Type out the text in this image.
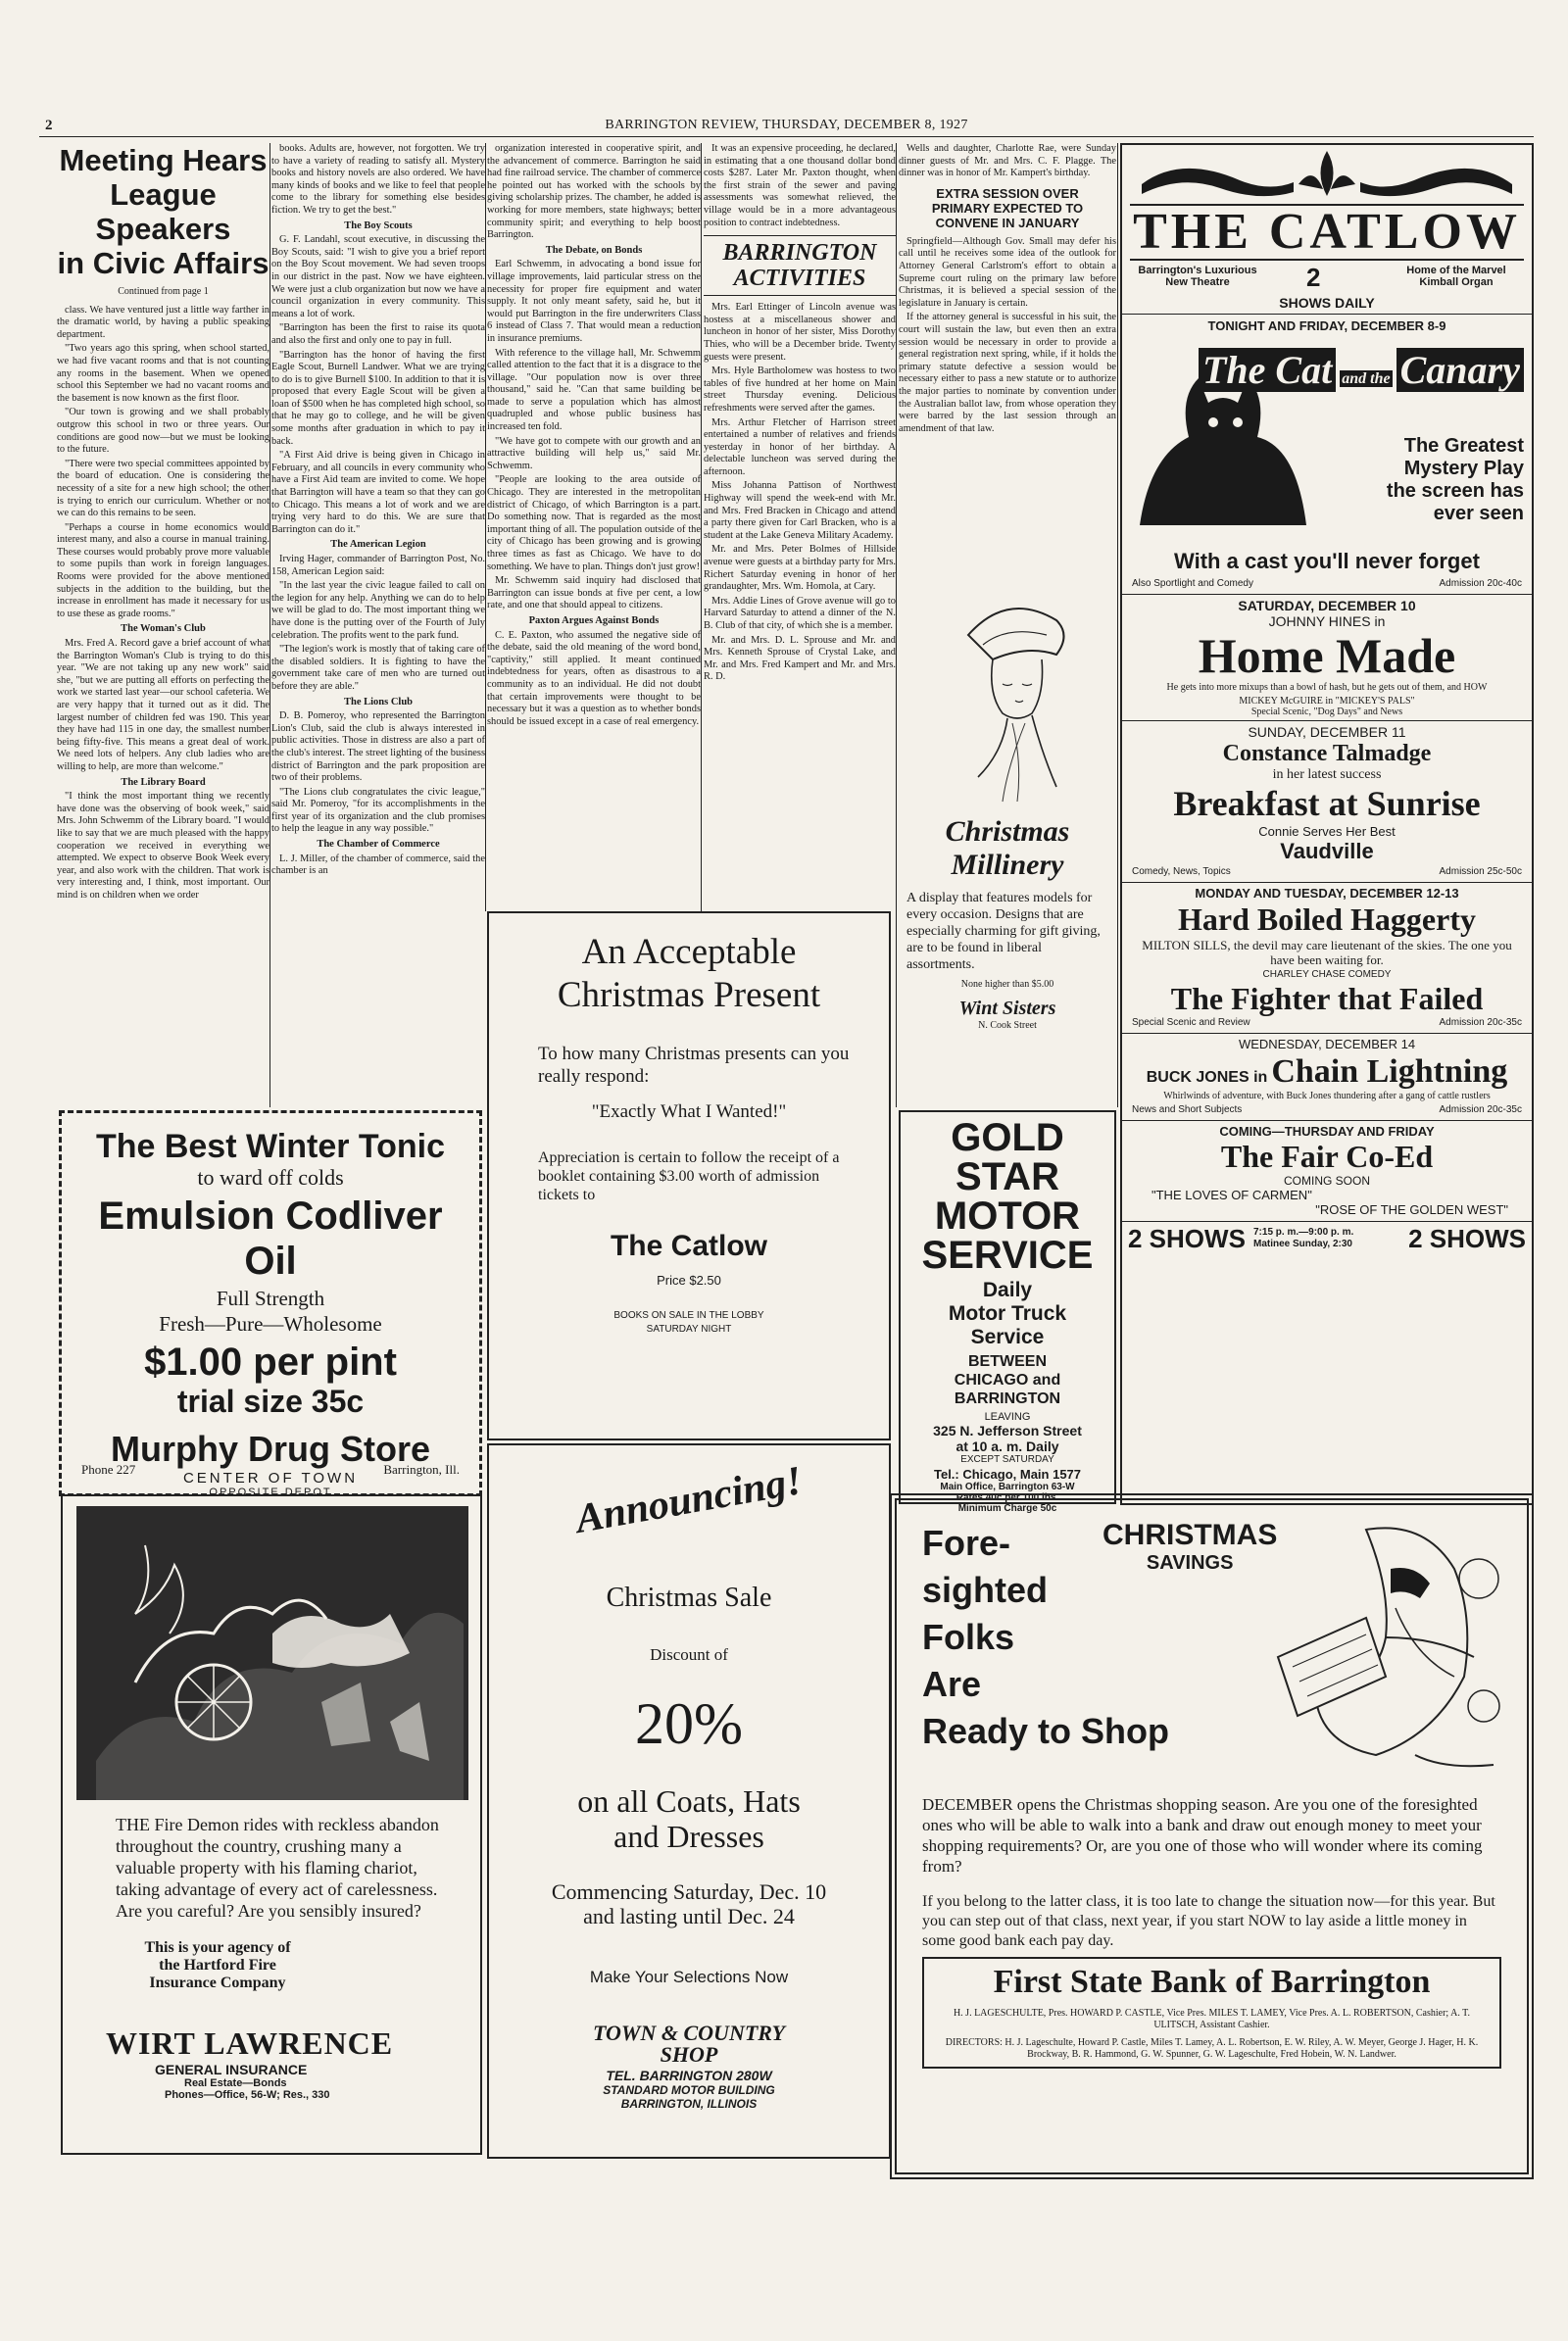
2	BARRINGTON REVIEW, THURSDAY, DECEMBER 8, 1927
Meeting Hears
League Speakers
in Civic Affairs
Continued from page 1

class. We have ventured just a little way farther in the dramatic world, by having a public speaking department.

"Two years ago this spring, when school started, we had five vacant rooms and that is not counting any rooms in the basement. When we opened school this September we had no vacant rooms and the basement is now known as the first floor.

"Our town is growing and we shall probably outgrow this school in two or three years. Our conditions are good now—but we must be looking to the future.

"There were two special committees appointed by the board of education. One is considering the necessity of a site for a new high school; the other is trying to enrich our curriculum. Whether or not we can do this remains to be seen.

"Perhaps a course in home economics would interest many, and also a course in manual training. These courses would probably prove more valuable to some pupils than work in foreign languages. Rooms were provided for the above mentioned subjects in the addition to the building, but the increase in enrollment has made it necessary for us to use these as grade rooms."

The Woman's Club

Mrs. Fred A. Record gave a brief account of what the Barrington Woman's Club is trying to do this year. "We are not taking up any new work" said she, "but we are putting all efforts on perfecting the work we started last year—our school cafeteria. We are very happy that it turned out as it did. The largest number of children fed was 190. This year they have had 115 in one day, the smallest number being fifty-five. This means a great deal of work. We need lots of helpers. Any club ladies who are willing to help, are more than welcome."

The Library Board

"I think the most important thing we recently have done was the observing of book week," said Mrs. John Schwemm of the Library board. "I would like to say that we are much pleased with the happy cooperation we received in everything we attempted. We expect to observe Book Week every year, and also work with the children. That work is very interesting and, I think, most important. Our mind is on children when we order

books. Adults are, however, not forgotten. We try to have a variety of reading to satisfy all. Mystery books and history novels are also ordered. We have many kinds of books and we like to feel that people come to the library for something else besides fiction. We try to get the best."

The Boy Scouts

G. F. Landahl, scout executive, in discussing the Boy Scouts, said: "I wish to give you a brief report on the Boy Scout movement. We had seven troops in our district in the past. Now we have eighteen. We were just a club organization but now we have a council organization in every community. This means a lot of work.

"Barrington has been the first to raise its quota and also the first and only one to pay in full.

"Barrington has the honor of having the first Eagle Scout, Burnell Landwer. What we are trying to do is to give Burnell $100. In addition to that it is proposed that every Eagle Scout will be given a loan of $500 when he has completed high school, so that he may go to college, and he will be given some months after graduation in which to pay it back.

"A First Aid drive is being given in Chicago in February, and all councils in every community who have a First Aid team are invited to come. We hope that Barrington will have a team so that they can go to Chicago. This means a lot of work and we are trying very hard to do this. We are sure that Barrington can do it."

The American Legion

Irving Hager, commander of Barrington Post, No. 158, American Legion said:

"In the last year the civic league failed to call on the legion for any help. Anything we can do to help we will be glad to do. The most important thing we have done is the putting over of the Fourth of July celebration. The profits went to the park fund.

"The legion's work is mostly that of taking care of the disabled soldiers. It is fighting to have the government take care of men who are turned out before they are able."

The Lions Club

D. B. Pomeroy, who represented the Barrington Lion's Club, said the club is always interested in public activities. Those in distress are also a part of the club's interest. The street lighting of the business district of Barrington and the park proposition are two of their problems.

"The Lions club congratulates the civic league," said Mr. Pomeroy, "for its accomplishments in the first year of its organization and the club promises to help the league in any way possible."

The Chamber of Commerce

L. J. Miller, of the chamber of commerce, said the chamber is an

organization interested in cooperative spirit, and the advancement of commerce. Barrington he said had fine railroad service. The chamber of commerce he pointed out has worked with the schools by giving scholarship prizes. The chamber, he added is working for more members, state highways; better community spirit; and everything to help boost Barrington.

The Debate, on Bonds

Earl Schwemm, in advocating a bond issue for village improvements, laid particular stress on the necessity for proper fire equipment and water supply. It not only meant safety, said he, but it would put Barrington in the fire underwriters Class 6 instead of Class 7. That would mean a reduction in insurance premiums.

With reference to the village hall, Mr. Schwemm called attention to the fact that it is a disgrace to the village. "Our population now is over three thousand," said he. "Can that same building be made to serve a population which has almost quadrupled and whose public business has increased ten fold.

"We have got to compete with our growth and an attractive building will help us," said Mr. Schwemm.

"People are looking to the area outside of Chicago. They are interested in the metropolitan district of Chicago, of which Barrington is a part. Do something now. That is regarded as the most important thing of all. The population outside of the city of Chicago has been growing and is growing three times as fast as Chicago. We have to do something. We have to plan. Things don't just grow!

Mr. Schwemm said inquiry had disclosed that Barrington can issue bonds at five per cent, a low rate, and one that should appeal to citizens.

Paxton Argues Against Bonds

C. E. Paxton, who assumed the negative side of the debate, said the old meaning of the word bond, "captivity," still applied. It meant continued indebtedness for years, often as disastrous to a community as to an individual. He did not doubt that certain improvements were thought to be necessary but it was a question as to whether bonds should be issued except in a case of real emergency.

It was an expensive proceeding, he declared, in estimating that a one thousand dollar bond costs $287. Later Mr. Paxton thought, when the first strain of the sewer and paving assessments was somewhat relieved, the village would be in a more advantageous position to contract indebtedness.

BARRINGTON
ACTIVITIES

Mrs. Earl Ettinger of Lincoln avenue was hostess at a miscellaneous shower and luncheon in honor of her sister, Miss Dorothy Thies, who will be a December bride. Twenty guests were present.

Mrs. Hyle Bartholomew was hostess to two tables of five hundred at her home on Main street Thursday evening. Delicious refreshments were served after the games.

Mrs. Arthur Fletcher of Harrison street entertained a number of relatives and friends yesterday in honor of her birthday. A delectable luncheon was served during the afternoon.

Miss Johanna Pattison of Northwest Highway will spend the week-end with Mr. and Mrs. Fred Bracken in Chicago and attend a party there given for Carl Bracken, who is a student at the Lake Geneva Military Academy.

Mr. and Mrs. Peter Bolmes of Hillside avenue were guests at a birthday party for Mrs. Richert Saturday evening in honor of her grandaughter, Mrs. Wm. Homola, at Cary.

Mrs. Addie Lines of Grove avenue will go to Harvard Saturday to attend a dinner of the N. B. Club of that city, of which she is a member.

Mr. and Mrs. D. L. Sprouse and Mr. and Mrs. Kenneth Sprouse of Crystal Lake, and Mr. and Mrs. Fred Kampert and Mr. and Mrs. R. D.

Wells and daughter, Charlotte Rae, were Sunday dinner guests of Mr. and Mrs. C. F. Plagge. The dinner was in honor of Mr. Kampert's birthday.

EXTRA SESSION OVER
PRIMARY EXPECTED TO
CONVENE IN JANUARY

Springfield—Although Gov. Small may defer his call until he receives some idea of the outlook for Attorney General Carlstrom's effort to obtain a Supreme court ruling on the primary law before Christmas, it is believed a special session of the legislature in January is certain.

If the attorney general is successful in his suit, the court will sustain the law, but even then an extra session would be necessary in order to provide a general registration next spring, while, if it holds the primary statute defective a session would be necessary either to pass a new statute or to authorize the major parties to nominate by convention under the Australian ballot law, from whose operation they were barred by the last session through an amendment of that law.

Christmas
Millinery
A display that features models for every occasion. Designs that are especially charming for gift giving, are to be found in liberal assortments.
None higher than $5.00
Wint Sisters
N. Cook Street
GOLD STAR
MOTOR
SERVICE
Daily
Motor Truck
Service
BETWEEN
CHICAGO and
BARRINGTON
LEAVING
325 N. Jefferson Street
at 10 a. m. Daily
EXCEPT SATURDAY
Tel.: Chicago, Main 1577
Main Office, Barrington 63-W
Rates 40c per 100 lbs.
Minimum Charge 50c
An Acceptable
Christmas Present
To how many Christmas presents can you really respond:
"Exactly What I Wanted!"
Appreciation is certain to follow the receipt of a booklet containing $3.00 worth of admission tickets to
The Catlow
Price $2.50
BOOKS ON SALE IN THE LOBBY
SATURDAY NIGHT
The Best Winter Tonic
to ward off colds
Emulsion Codliver Oil
Full Strength
Fresh—Pure—Wholesome
$1.00 per pint
trial size 35c
Murphy Drug Store
CENTER OF TOWN
OPPOSITE DEPOT
Phone 227	Barrington, Ill.
THE Fire Demon rides with reckless abandon throughout the country, crushing many a valuable property with his flaming chariot, taking advantage of every act of carelessness. Are you careful? Are you sensibly insured?
This is your agency of the Hartford Fire Insurance Company
WIRT LAWRENCE
GENERAL INSURANCE
Real Estate—Bonds
Phones—Office, 56-W; Res., 330
Announcing!
Christmas Sale
Discount of
20%
on all Coats, Hats
and Dresses
Commencing Saturday, Dec. 10
and lasting until Dec. 24
Make Your Selections Now
TOWN & COUNTRY
SHOP
TEL. BARRINGTON 280W
STANDARD MOTOR BUILDING
BARRINGTON, ILLINOIS
THE CATLOW
Barrington's Luxurious New Theatre	2	Home of the Marvel Kimball Organ
SHOWS DAILY
TONIGHT AND FRIDAY, DECEMBER 8-9
The Cat and the Canary
The Greatest
Mystery Play
the screen has
ever seen
With a cast you'll never forget
Also Sportlight and Comedy	Admission 20c-40c
SATURDAY, DECEMBER 10
JOHNNY HINES in
Home Made
He gets into more mixups than a bowl of hash, but he gets out of them, and HOW
MICKEY McGUIRE in "MICKEY'S PALS"
Special Scenic, "Dog Days" and News
SUNDAY, DECEMBER 11
Constance Talmadge
in her latest success
Breakfast at Sunrise
Connie Serves Her Best
Vaudville
Comedy, News, Topics	Admission 25c-50c
MONDAY AND TUESDAY, DECEMBER 12-13
Hard Boiled Haggerty
MILTON SILLS, the devil may care lieutenant of the skies. The one you have been waiting for.
CHARLEY CHASE COMEDY
The Fighter that Failed
Special Scenic and Review	Admission 20c-35c
WEDNESDAY, DECEMBER 14
BUCK JONES in Chain Lightning
Whirlwinds of adventure, with Buck Jones thundering after a gang of cattle rustlers
News and Short Subjects	Admission 20c-35c
COMING—THURSDAY AND FRIDAY
The Fair Co-Ed
COMING SOON
"THE LOVES OF CARMEN"
"ROSE OF THE GOLDEN WEST"
2 SHOWS 7:15 p. m.—9:00 p. m. Matinee Sunday, 2:30	2 SHOWS
Fore-
sighted
Folks
Are
Ready to Shop
CHRISTMAS
SAVINGS
DECEMBER opens the Christmas shopping season. Are you one of the foresighted ones who will be able to walk into a bank and draw out enough money to meet your shopping requirements? Or, are you one of those who will wonder where its coming from?
If you belong to the latter class, it is too late to change the situation now—for this year. But you can step out of that class, next year, if you start NOW to lay aside a little money in some good bank each pay day.
First State Bank of Barrington
H. J. LAGESCHULTE, Pres. HOWARD P. CASTLE, Vice Pres. MILES T. LAMEY, Vice Pres. A. L. ROBERTSON, Cashier; A. T. ULITSCH, Assistant Cashier.
DIRECTORS: H. J. Lageschulte, Howard P. Castle, Miles T. Lamey, A. L. Robertson, E. W. Riley, A. W. Meyer, George J. Hager, H. K. Brockway, B. R. Hammond, G. W. Spunner, G. W. Lageschulte, Fred Hobein, W. N. Landwer.
